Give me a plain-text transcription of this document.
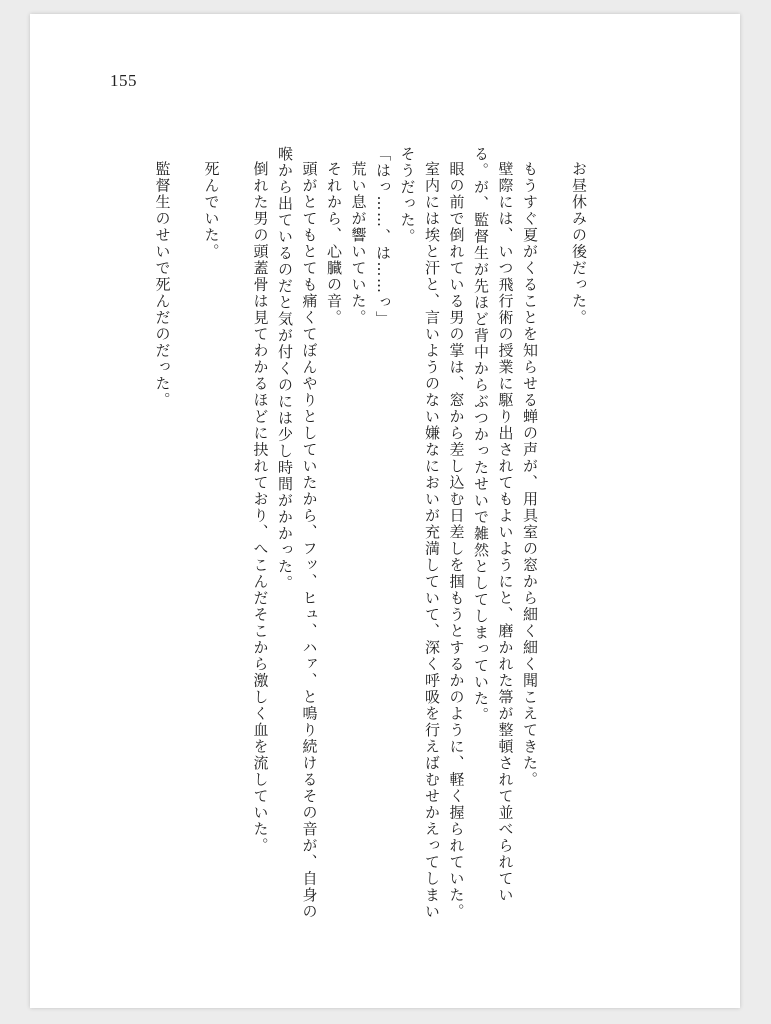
155

お昼休みの後だった。

もうすぐ夏がくることを知らせる蝉の声が、用具室の窓から細く細く聞こえてきた。

壁際には、いつ飛行術の授業に駆り出されてもよいようにと、磨かれた箒が整頓されて並べられている。が、監督生が先ほど背中からぶつかったせいで雑然としてしまっていた。

眼の前で倒れている男の掌は、窓から差し込む日差しを掴もうとするかのように、軽く握られていた。

室内には埃と汗と、言いようのない嫌なにおいが充満していて、深く呼吸を行えばむせかえってしまいそうだった。

「はっ……、は……っ」

荒い息が響いていた。

それから、心臓の音。

頭がとてもとても痛くてぼんやりとしていたから、フッ、ヒュ、ハァ、と鳴り続けるその音が、自身の喉から出ているのだと気が付くのには少し時間がかかった。

倒れた男の頭蓋骨は見てわかるほどに抉れており、へこんだそこから激しく血を流していた。

死んでいた。

監督生のせいで死んだのだった。
